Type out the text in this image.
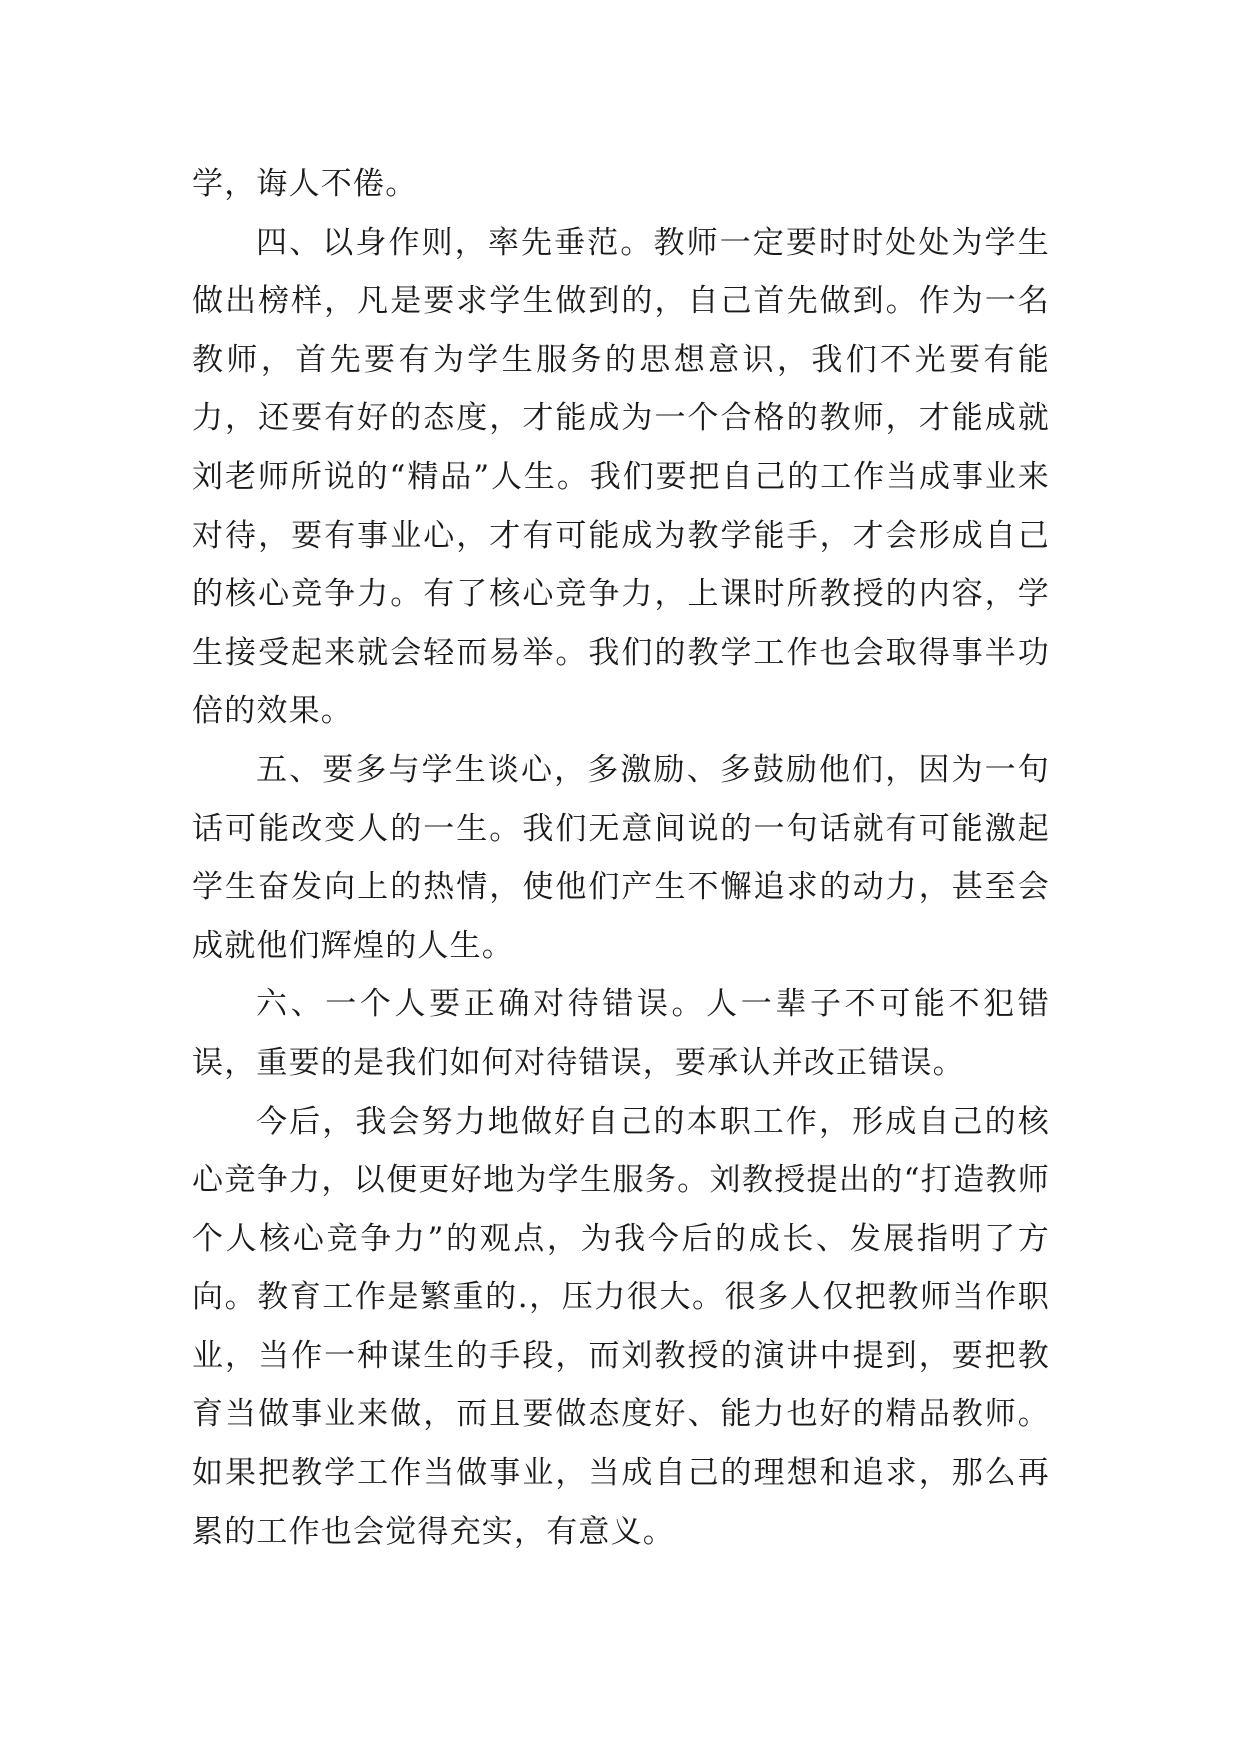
学，诲人不倦。

四、以身作则，率先垂范。教师一定要时时处处为学生做出榜样，凡是要求学生做到的，自己首先做到。作为一名教师，首先要有为学生服务的思想意识，我们不光要有能力，还要有好的态度，才能成为一个合格的教师，才能成就刘老师所说的“精品”人生。我们要把自己的工作当成事业来对待，要有事业心，才有可能成为教学能手，才会形成自己的核心竞争力。有了核心竞争力，上课时所教授的内容，学生接受起来就会轻而易举。我们的教学工作也会取得事半功倍的效果。

五、要多与学生谈心，多激励、多鼓励他们，因为一句话可能改变人的一生。我们无意间说的一句话就有可能激起学生奋发向上的热情，使他们产生不懈追求的动力，甚至会成就他们辉煌的人生。

六、一个人要正确对待错误。人一辈子不可能不犯错误，重要的是我们如何对待错误，要承认并改正错误。

今后，我会努力地做好自己的本职工作，形成自己的核心竞争力，以便更好地为学生服务。刘教授提出的“打造教师个人核心竞争力”的观点，为我今后的成长、发展指明了方向。教育工作是繁重的.，压力很大。很多人仅把教师当作职业，当作一种谋生的手段，而刘教授的演讲中提到，要把教育当做事业来做，而且要做态度好、能力也好的精品教师。如果把教学工作当做事业，当成自己的理想和追求，那么再累的工作也会觉得充实，有意义。
